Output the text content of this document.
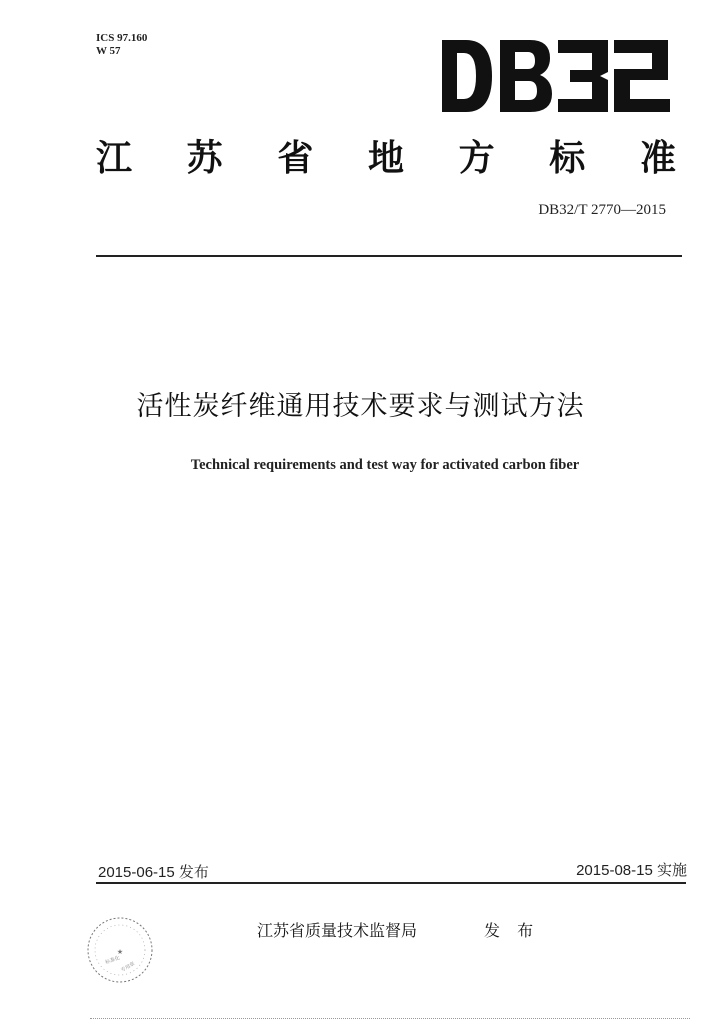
ICS 97.160
W 57
江 苏 省 地 方 标 准
DB32/T 2770—2015
活性炭纤维通用技术要求与测试方法
Technical requirements and test way for activated carbon fiber
2015-06-15 发布	2015-08-15 实施
★
标准化
专用章
江苏省质量技术监督局	发 布
